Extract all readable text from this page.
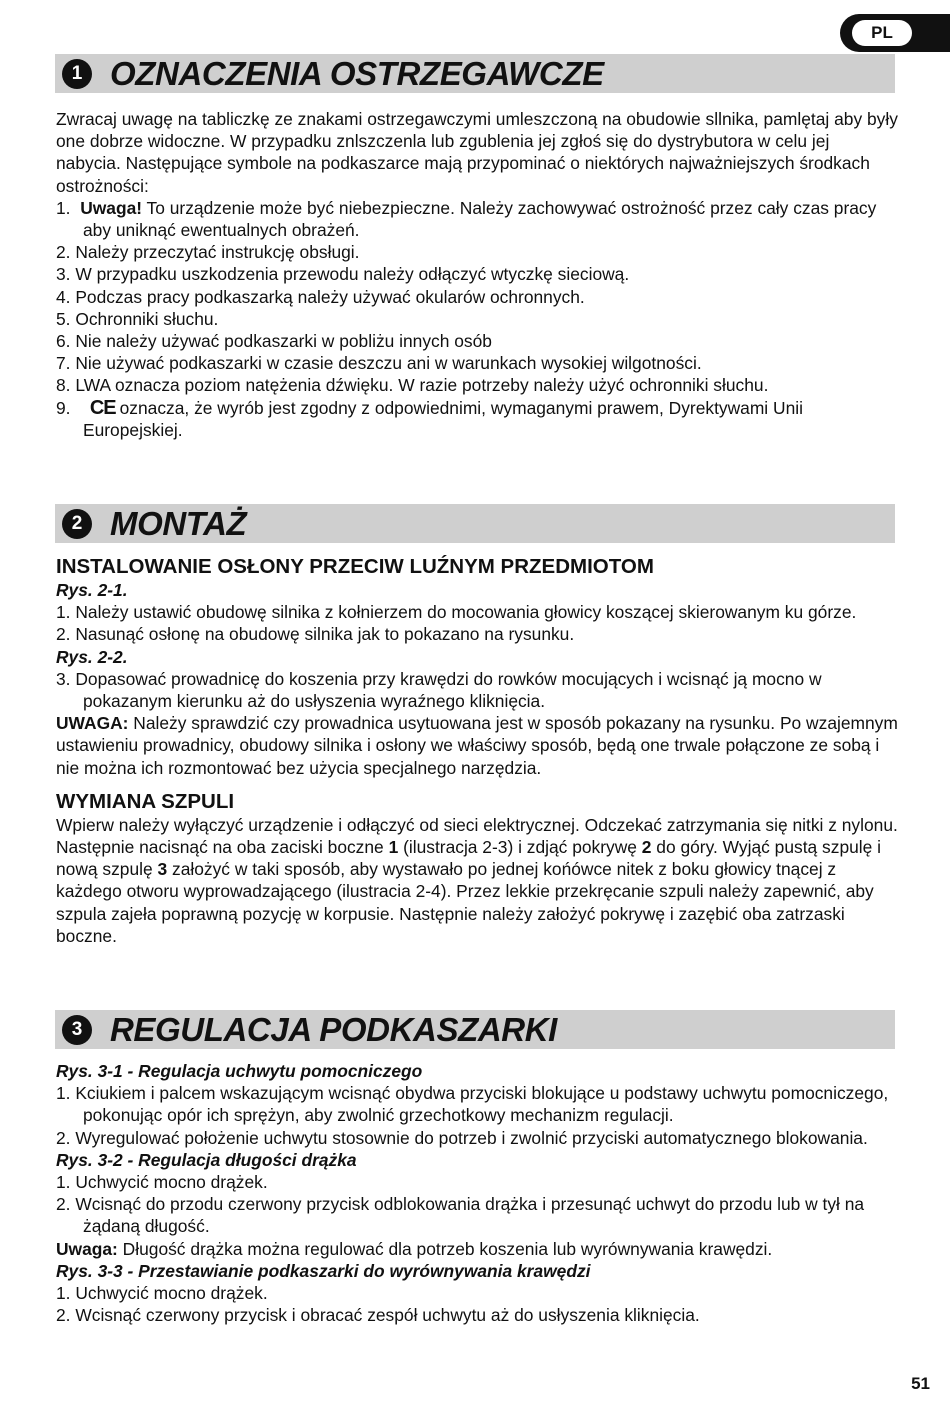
PL
1 OZNACZENIA OSTRZEGAWCZE

Zwracaj uwagę na tabliczkę ze znakami ostrzegawczymi umleszczoną na obudowie sllnika, pamlętaj aby były one dobrze widoczne. W przypadku znlszczenla lub zgublenia jej zgłoś się do dystrybutora w celu jej nabycia. Następujące symbole na podkaszarce mają przypominać o niektórych najważniejszych środkach ostrożności:

1. Uwaga! To urządzenie może być niebezpieczne. Należy zachowywać ostrożność przez cały czas pracy aby uniknąć ewentualnych obrażeń.

2. Należy przeczytać instrukcję obsługi.

3. W przypadku uszkodzenia przewodu należy odłączyć wtyczkę sieciową.

4. Podczas pracy podkaszarką należy używać okularów ochronnych.

5. Ochronniki słuchu.

6. Nie należy używać podkaszarki w pobliżu innych osób

7. Nie używać podkaszarki w czasie deszczu ani w warunkach wysokiej wilgotności.

8. LWA oznacza poziom natężenia dźwięku. W razie potrzeby należy użyć ochronniki słuchu.

9. CE oznacza, że wyrób jest zgodny z odpowiednimi, wymaganymi prawem, Dyrektywami Unii Europejskiej.

2 MONTAŻ

INSTALOWANIE OSŁONY PRZECIW LUŹNYM PRZEDMIOTOM

Rys. 2-1.

1. Należy ustawić obudowę silnika z kołnierzem do mocowania głowicy koszącej skierowanym ku górze.

2. Nasunąć osłonę na obudowę silnika jak to pokazano na rysunku.

Rys. 2-2.

3. Dopasować prowadnicę do koszenia przy krawędzi do rowków mocujących i wcisnąć ją mocno w pokazanym kierunku aż do usłyszenia wyraźnego kliknięcia.

UWAGA: Należy sprawdzić czy prowadnica usytuowana jest w sposób pokazany na rysunku. Po wzajemnym ustawieniu prowadnicy, obudowy silnika i osłony we właściwy sposób, będą one trwale połączone ze sobą i nie można ich rozmontować bez użycia specjalnego narzędzia.

WYMIANA SZPULI

Wpierw należy wyłączyć urządzenie i odłączyć od sieci elektrycznej. Odczekać zatrzymania się nitki z nylonu. Następnie nacisnąć na oba zaciski boczne 1 (ilustracja 2-3) i zdjąć pokrywę 2 do góry. Wyjąć pustą szpulę i nową szpulę 3 założyć w taki sposób, aby wystawało po jednej końówce nitek z boku głowicy tnącej z każdego otworu wyprowadzającego (ilustracia 2-4). Przez lekkie przekręcanie szpuli należy zapewnić, aby szpula zajeła poprawną pozycję w korpusie. Następnie należy założyć pokrywę i zazębić oba zatrzaski boczne.

3 REGULACJA PODKASZARKI

Rys. 3-1 - Regulacja uchwytu pomocniczego

1. Kciukiem i palcem wskazującym wcisnąć obydwa przyciski blokujące u podstawy uchwytu pomocniczego, pokonując opór ich sprężyn, aby zwolnić grzechotkowy mechanizm regulacji.

2. Wyregulować położenie uchwytu stosownie do potrzeb i zwolnić przyciski automatycznego blokowania.

Rys. 3-2 - Regulacja długości drążka

1. Uchwycić mocno drążek.

2. Wcisnąć do przodu czerwony przycisk odblokowania drążka i przesunąć uchwyt do przodu lub w tył na żądaną długość.

Uwaga: Długość drążka można regulować dla potrzeb koszenia lub wyrównywania krawędzi.

Rys. 3-3 - Przestawianie podkaszarki do wyrównywania krawędzi

1. Uchwycić mocno drążek.

2. Wcisnąć czerwony przycisk i obracać zespół uchwytu aż do usłyszenia kliknięcia.

51
